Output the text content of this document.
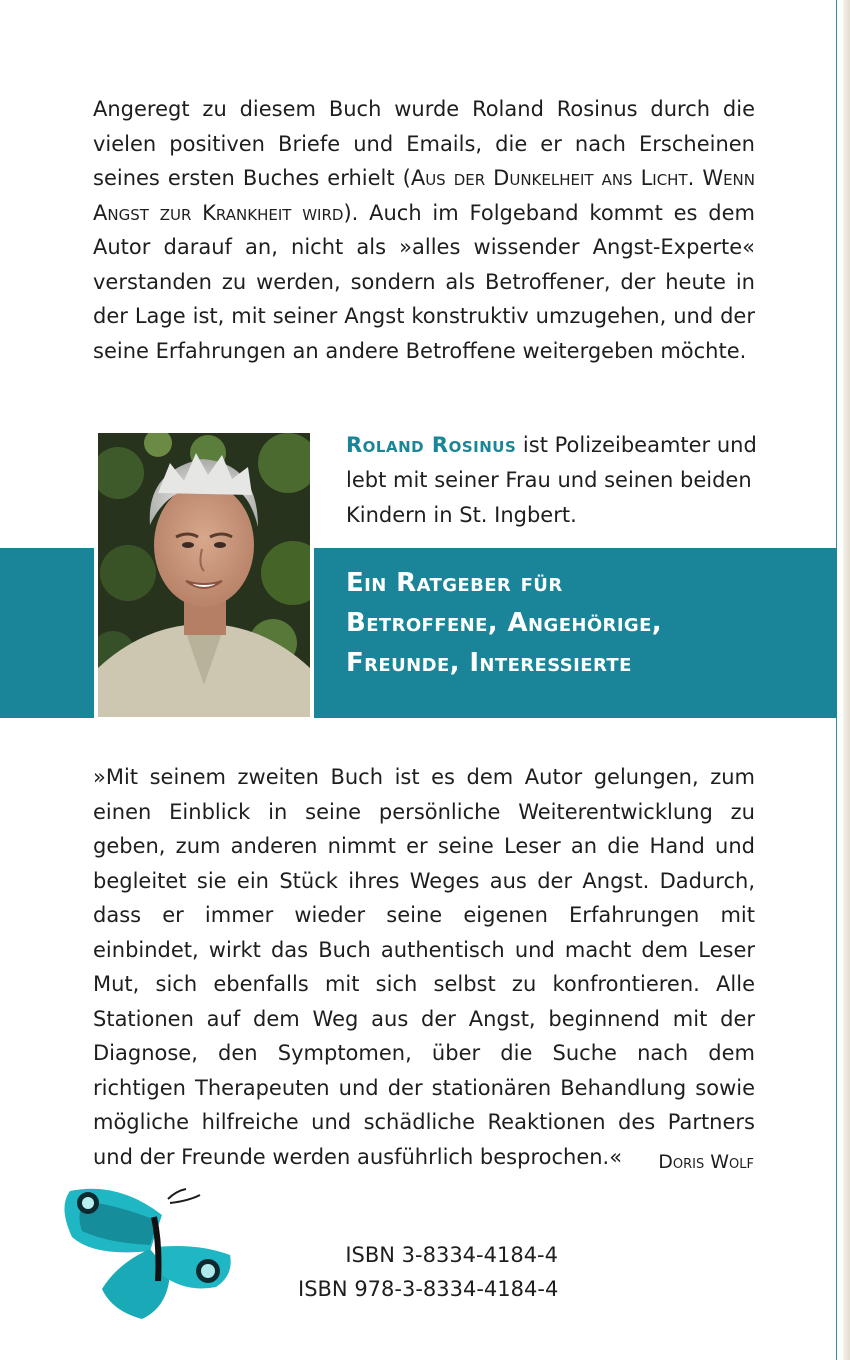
Angeregt zu diesem Buch wurde Roland Rosinus durch die vielen positiven Briefe und Emails, die er nach Erscheinen seines ersten Buches erhielt (Aus der Dunkelheit ans Licht. Wenn Angst zur Krankheit wird). Auch im Folgeband kommt es dem Autor darauf an, nicht als »alles wissender Angst-Experte« verstanden zu werden, sondern als Betroffener, der heute in der Lage ist, mit seiner Angst konstruktiv umzugehen, und der seine Erfahrungen an andere Betroffene weitergeben möchte.

Roland Rosinus ist Polizeibeamter und lebt mit seiner Frau und seinen beiden Kindern in St. Ingbert.

Ein Ratgeber für
Betroffene, Angehörige,
Freunde, Interessierte

»Mit seinem zweiten Buch ist es dem Autor gelungen, zum einen Einblick in seine persönliche Weiterentwicklung zu geben, zum anderen nimmt er seine Leser an die Hand und begleitet sie ein Stück ihres Weges aus der Angst. Dadurch, dass er immer wieder seine eigenen Erfahrungen mit einbindet, wirkt das Buch authentisch und macht dem Leser Mut, sich ebenfalls mit sich selbst zu konfrontieren. Alle Stationen auf dem Weg aus der Angst, beginnend mit der Diagnose, den Symptomen, über die Suche nach dem richtigen Therapeuten und der stationären Behandlung sowie mögliche hilfreiche und schädliche Reaktionen des Partners und der Freunde werden ausführlich besprochen.«	Doris Wolf

ISBN 3-8334-4184-4
ISBN 978-3-8334-4184-4
